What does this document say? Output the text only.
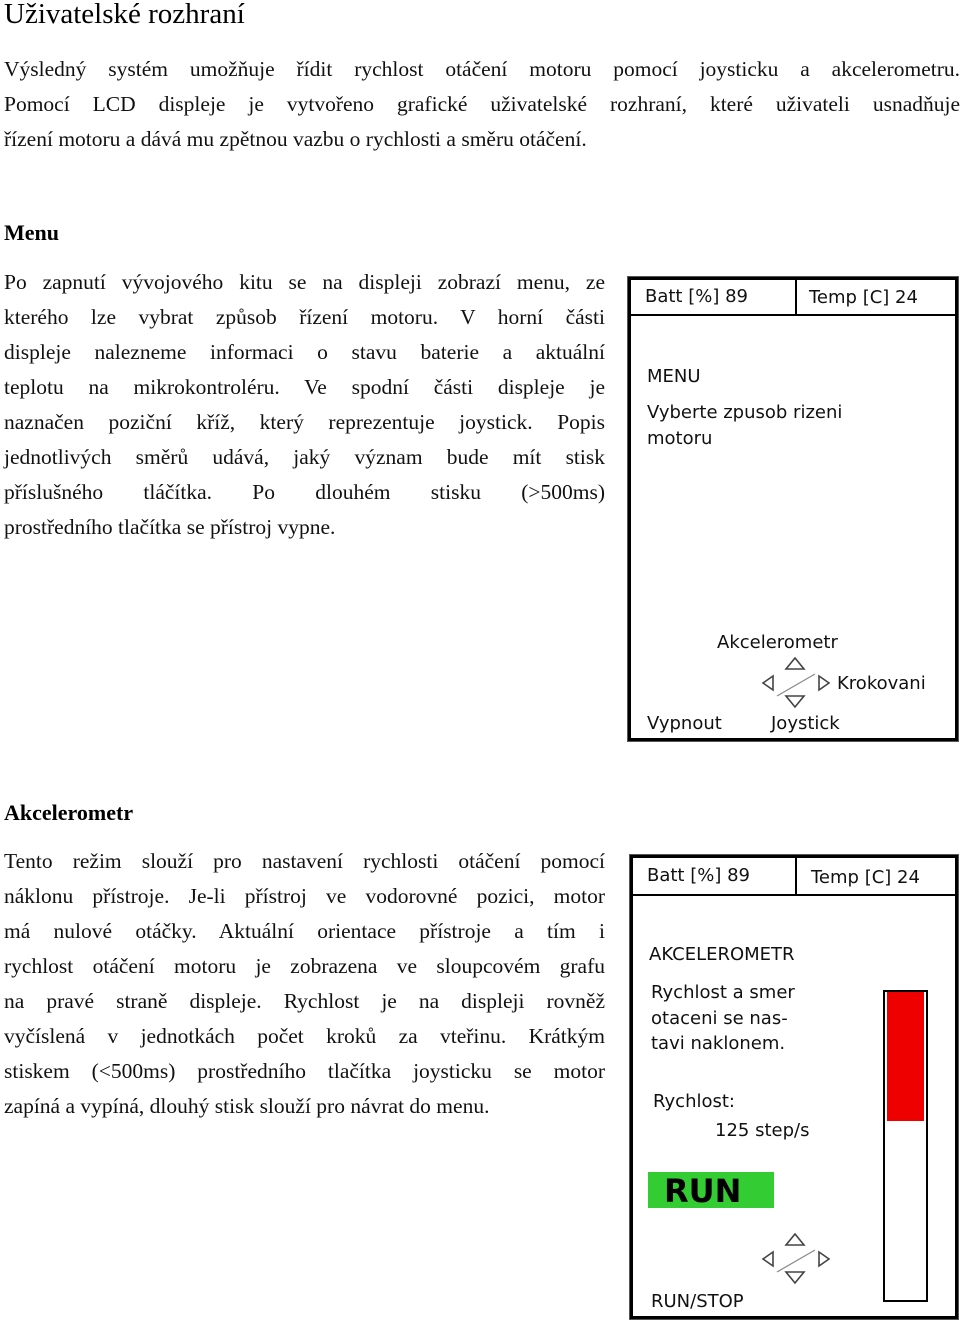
Uživatelské rozhraní
Výsledný systém umožňuje řídit rychlost otáčení motoru pomocí joysticku a akcelerometru.
Pomocí LCD displeje je vytvořeno grafické uživatelské rozhraní, které uživateli usnadňuje
řízení motoru a dává mu zpětnou vazbu o rychlosti a směru otáčení.
Menu
Po zapnutí vývojového kitu se na displeji zobrazí menu, ze
kterého lze vybrat způsob řízení motoru. V horní části
displeje nalezneme informaci o stavu baterie a aktuální
teplotu na mikrokontroléru. Ve spodní části displeje je
naznačen poziční kříž, který reprezentuje joystick. Popis
jednotlivých směrů udává, jaký význam bude mít stisk
příslušného tláčítka. Po dlouhém stisku (>500ms)
prostředního tlačítka se přístroj vypne.
Batt [%] 89	Temp [C] 24
MENU
Vyberte zpusob rizeni
motoru
Akcelerometr
Krokovani
Vypnout	Joystick
Akcelerometr
Tento režim slouží pro nastavení rychlosti otáčení pomocí
náklonu přístroje. Je-li přístroj ve vodorovné pozici, motor
má nulové otáčky. Aktuální orientace přístroje a tím i
rychlost otáčení motoru je zobrazena ve sloupcovém grafu
na pravé straně displeje. Rychlost je na displeji rovněž
vyčíslená v jednotkách počet kroků za vteřinu. Krátkým
stiskem (<500ms) prostředního tlačítka joysticku se motor
zapíná a vypíná, dlouhý stisk slouží pro návrat do menu.
Batt [%] 89	Temp [C] 24
AKCELEROMETR
Rychlost a smer
otaceni se nas-
tavi naklonem.
Rychlost:
125 step/s
RUN
RUN/STOP
